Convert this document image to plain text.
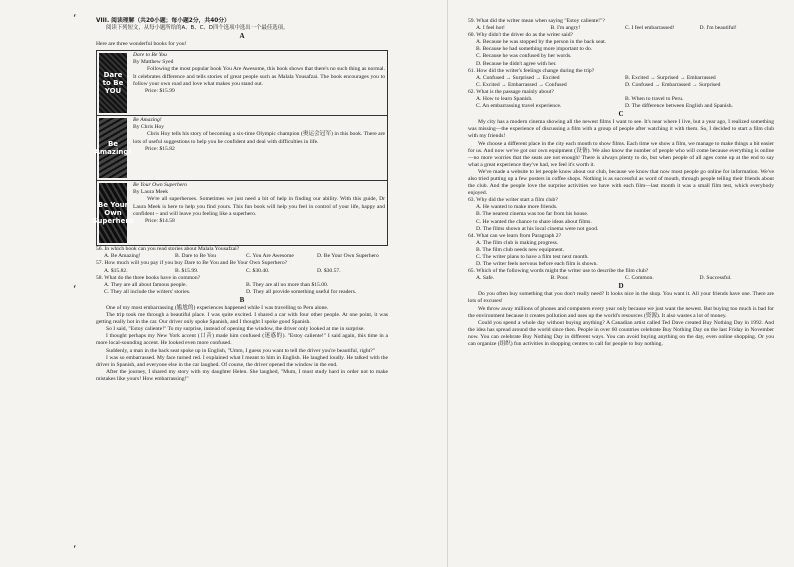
‘
‘
‘
VIII. 阅读理解（共20小题；每小题2分，共40分）
阅读下列短文，从每小题所给的A、B、C、D四个选项中选出一个最佳选项。
A
Here are three wonderful books for you!
Dare to Be YOU
Dare to Be You
By Matthew Syed
Following the most popular book You Are Awesome, this book shows that there's no such thing as normal. It celebrates difference and tells stories of great people such as Malala Yousafzai. The book encourages you to follow your own road and love what makes you stand out.
Price: $15.99
Be Amazing!
Be Amazing!
By Chris Hoy
Chris Hoy tells his story of becoming a six-time Olympic champion (奥运会冠军) in this book. There are lots of useful suggestions to help you be confident and deal with difficulties in life.
Price: $15.82
Be Your Own Superhero
Be Your Own Superhero
By Laura Meek
We're all superheroes. Sometimes we just need a bit of help in finding our ability. With this guide, Dr Laura Meek is here to help you find yours. This fun book will help you feel in control of your life, happy and confident – and will leave you feeling like a superhero.
Price: $14.58
56. In which book can you read stories about Malala Yousafzai?
A. Be Amazing!	B. Dare to Be You	C. You Are Awesome	D. Be Your Own Superhero
57. How much will you pay if you buy Dare to Be You and Be Your Own Superhero?
A. $15.82.	B. $15.99.	C. $30.40.	D. $30.57.
58. What do the three books have in common?
A. They are all about famous people.	B. They are all no more than $15.00.
C. They all include the writers' stories.	D. They all provide something useful for readers.
B

One of my most embarrassing (尴尬的) experiences happened while I was travelling to Peru alone.

The trip took me through a beautiful place. I was quite excited. I shared a car with four other people. At one point, it was getting really hot in the car. Our driver only spoke Spanish, and I thought I spoke good Spanish.

So I said, "Estoy caliente!" To my surprise, instead of opening the window, the driver only looked at me in surprise.

I thought perhaps my New York accent (口音) made him confused (迷惑的). "Estoy caliente!" I said again, this time in a more local-sounding accent. He looked even more confused.

Suddenly, a man in the back seat spoke up in English, "Umm, I guess you want to tell the driver you're beautiful, right?"

I was so embarrassed. My face turned red. I explained what I meant to him in English. He laughed loudly. He talked with the driver in Spanish, and everyone else in the car laughed. Of course, the driver opened the window in the end.

After the journey, I shared my story with my daughter Helen. She laughed, "Mum, I must study hard in order not to make mistakes like yours! How embarrassing!"

59. What did the writer mean when saying "Estoy caliente!"?
A. I feel hot!	B. I'm angry!	C. I feel embarrassed!	D. I'm beautiful!
60. Why didn't the driver do as the writer said?
A. Because he was stopped by the person in the back seat.
B. Because he had something more important to do.
C. Because he was confused by her words.
D. Because he didn't agree with her.
61. How did the writer's feelings change during the trip?
A. Confused → Surprised → Excited	B. Excited → Surprised → Embarrassed
C. Excited → Embarrassed → Confused	D. Confused → Embarrassed → Surprised
62. What is the passage mainly about?
A. How to learn Spanish.	B. When to travel to Peru.
C. An embarrassing travel experience.	D. The difference between English and Spanish.
C

My city has a modern cinema showing all the newest films I want to see. It's near where I live, but a year ago, I realized something was missing—the experience of discussing a film with a group of people after watching it with them. So, I decided to start a film club with my friends!

We choose a different place in the city each month to show films. Each time we show a film, we manage to make things a bit easier for us. And now we've got our own equipment (设备). We also know the number of people who will come because everything is online—no more worries that the seats are not enough! There is always plenty to do, but when people of all ages come up at the end to say what a great experience they've had, we feel it's worth it.

We've made a website to let people know about our club, because we know that now most people go online for information. We've also tried putting up a few posters in coffee shops. Nothing is as successful as word of mouth, through people telling their friends about the club. And the people love the surprise activities we have with each film—last month it was a small film test, which everybody enjoyed.

63. Why did the writer start a film club?
A. He wanted to make more friends.
B. The nearest cinema was too far from his house.
C. He wanted the chance to share ideas about films.
D. The films shown at his local cinema were not good.
64. What can we learn from Paragraph 2?
A. The film club is making progress.
B. The film club needs new equipment.
C. The writer plans to have a film test next month.
D. The writer feels nervous before each film is shown.
65. Which of the following words might the writer use to describe the film club?
A. Safe.	B. Poor.	C. Common.	D. Successful.
D

Do you often buy something that you don't really need? It looks nice in the shop. You want it. All your friends have one. There are lots of excuses!

We throw away millions of phones and computers every year only because we just want the newest. But buying too much is bad for the environment because it creates pollution and uses up the world's resources (资源). It also wastes a lot of money.

Could you spend a whole day without buying anything? A Canadian artist called Ted Dave created Buy Nothing Day in 1992. And the idea has spread around the world since then. People in over 60 countries celebrate Buy Nothing Day on the last Friday in November now. You can celebrate Buy Nothing Day in different ways. You can avoid buying anything on the day, even online shopping. Or you can organize (组织) fun activities in shopping centres to call for people to buy nothing.
